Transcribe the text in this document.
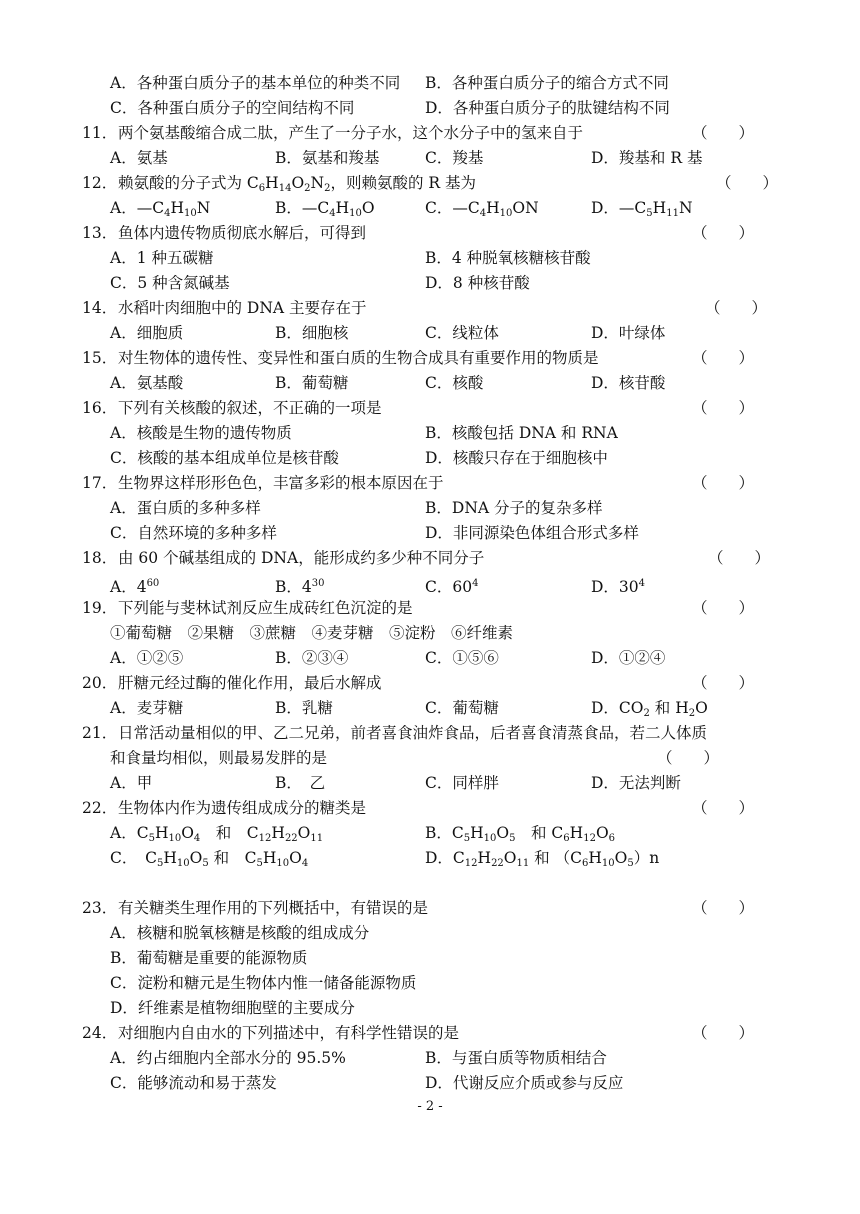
A．各种蛋白质分子的基本单位的种类不同 B．各种蛋白质分子的缩合方式不同
C．各种蛋白质分子的空间结构不同	D．各种蛋白质分子的肽键结构不同
11． 两个氨基酸缩合成二肽，产生了一分子水，这个水分子中的氢来自于	（　　）
A．氨基	B．氨基和羧基	C．羧基	D．羧基和 R 基
12． 赖氨酸的分子式为 $C_6H_{14}O_2N_2$，则赖氨酸的 R 基为	（　　）
A．$—C_4H_{10}N$	B．$—C_4H_{10}O$	C．$—C_4H_{10}ON$	D．$—C_5H_{11}N$
13． 鱼体内遗传物质彻底水解后，可得到	（　　）
A．1 种五碳糖	B．4 种脱氧核糖核苷酸
C．5 种含氮碱基	D．8 种核苷酸
14． 水稻叶肉细胞中的 DNA 主要存在于	（　　）
A．细胞质	B．细胞核	C．线粒体	D．叶绿体
15． 对生物体的遗传性、变异性和蛋白质的生物合成具有重要作用的物质是	（　　）
A．氨基酸	B．葡萄糖	C．核酸	D．核苷酸
16． 下列有关核酸的叙述，不正确的一项是	（　　）
A．核酸是生物的遗传物质	B．核酸包括 DNA 和 RNA
C．核酸的基本组成单位是核苷酸	D．核酸只存在于细胞核中
17． 生物界这样形形色色，丰富多彩的根本原因在于	（　　）
A．蛋白质的多种多样	B．DNA 分子的复杂多样
C．自然环境的多种多样	D．非同源染色体组合形式多样
18． 由 60 个碱基组成的 DNA，能形成约多少种不同分子	（　　）
A．$4^{60}$	B．$4^{30}$	C．$60^4$	D．$30^4$
19． 下列能与斐林试剂反应生成砖红色沉淀的是	（　　）
①葡萄糖　②果糖　③蔗糖　④麦芽糖　⑤淀粉　⑥纤维素
A．①②⑤	B．②③④	C．①⑤⑥	D．①②④
20． 肝糖元经过酶的催化作用，最后水解成	（　　）
A．麦芽糖	B．乳糖	C．葡萄糖	D．$CO_2$ 和 $H_2O$
21． 日常活动量相似的甲、乙二兄弟，前者喜食油炸食品，后者喜食清蒸食品，若二人体质
和食量均相似，则最易发胖的是	（　　）
A．甲	B．　乙	C．同样胖	D．无法判断
22． 生物体内作为遗传组成成分的糖类是	（　　）
A．$C_5H_{10}O_4$　和　$C_{12}H_{22}O_{11}$	B．$C_5H_{10}O_5$　和 $C_6H_{12}O_6$
C．　$C_5H_{10}O_5$ 和　$C_5H_{10}O_4$	D．$C_{12}H_{22}O_{11}$ 和 $(C_6H_{10}O_5)n$
23． 有关糖类生理作用的下列概括中，有错误的是	（　　）
A．核糖和脱氧核糖是核酸的组成成分
B．葡萄糖是重要的能源物质
C．淀粉和糖元是生物体内惟一储备能源物质
D．纤维素是植物细胞壁的主要成分
24． 对细胞内自由水的下列描述中，有科学性错误的是	（　　）
A．约占细胞内全部水分的 95.5%	B．与蛋白质等物质相结合
C．能够流动和易于蒸发	D．代谢反应介质或参与反应
- 2 -
